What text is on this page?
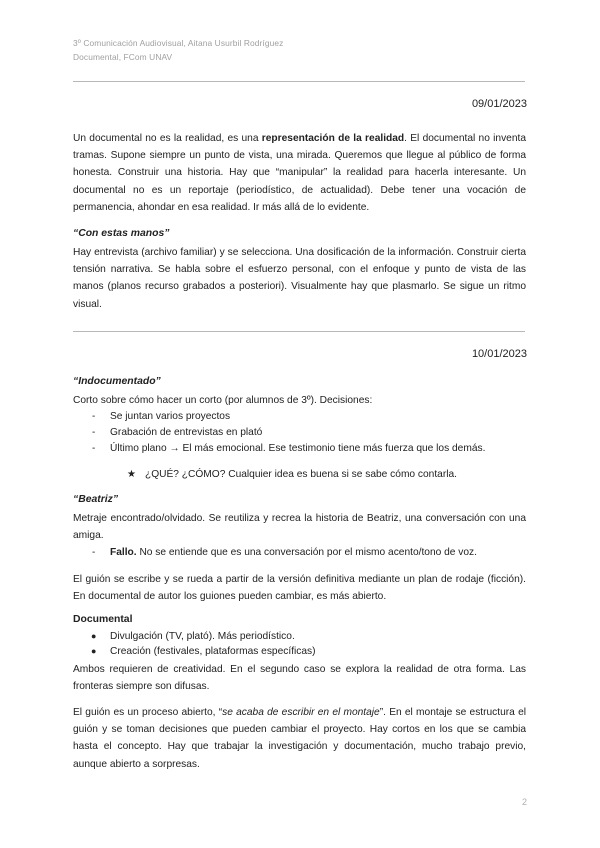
3º Comunicación Audiovisual, Aitana Usurbil Rodríguez
Documental, FCom UNAV
09/01/2023
Un documental no es la realidad, es una representación de la realidad. El documental no inventa tramas. Supone siempre un punto de vista, una mirada. Queremos que llegue al público de forma honesta. Construir una historia. Hay que “manipular” la realidad para hacerla interesante. Un documental no es un reportaje (periodístico, de actualidad). Debe tener una vocación de permanencia, ahondar en esa realidad. Ir más allá de lo evidente.
“Con estas manos”
Hay entrevista (archivo familiar) y se selecciona. Una dosificación de la información. Construir cierta tensión narrativa. Se habla sobre el esfuerzo personal, con el enfoque y punto de vista de las manos (planos recurso grabados a posteriori). Visualmente hay que plasmarlo. Se sigue un ritmo visual.
10/01/2023
“Indocumentado”
Corto sobre cómo hacer un corto (por alumnos de 3º). Decisiones:
- Se juntan varios proyectos
- Grabación de entrevistas en plató
- Último plano → El más emocional. Ese testimonio tiene más fuerza que los demás.
★ ¿QUÉ? ¿CÓMO? Cualquier idea es buena si se sabe cómo contarla.
“Beatriz”
Metraje encontrado/olvidado. Se reutiliza y recrea la historia de Beatriz, una conversación con una amiga.
- Fallo. No se entiende que es una conversación por el mismo acento/tono de voz.
El guión se escribe y se rueda a partir de la versión definitiva mediante un plan de rodaje (ficción). En documental de autor los guiones pueden cambiar, es más abierto.
Documental
● Divulgación (TV, plató). Más periodístico.
● Creación (festivales, plataformas específicas)
Ambos requieren de creatividad. En el segundo caso se explora la realidad de otra forma. Las fronteras siempre son difusas.
El guión es un proceso abierto, “se acaba de escribir en el montaje”. En el montaje se estructura el guión y se toman decisiones que pueden cambiar el proyecto. Hay cortos en los que se cambia hasta el concepto. Hay que trabajar la investigación y documentación, mucho trabajo previo, aunque abierto a sorpresas.
2
